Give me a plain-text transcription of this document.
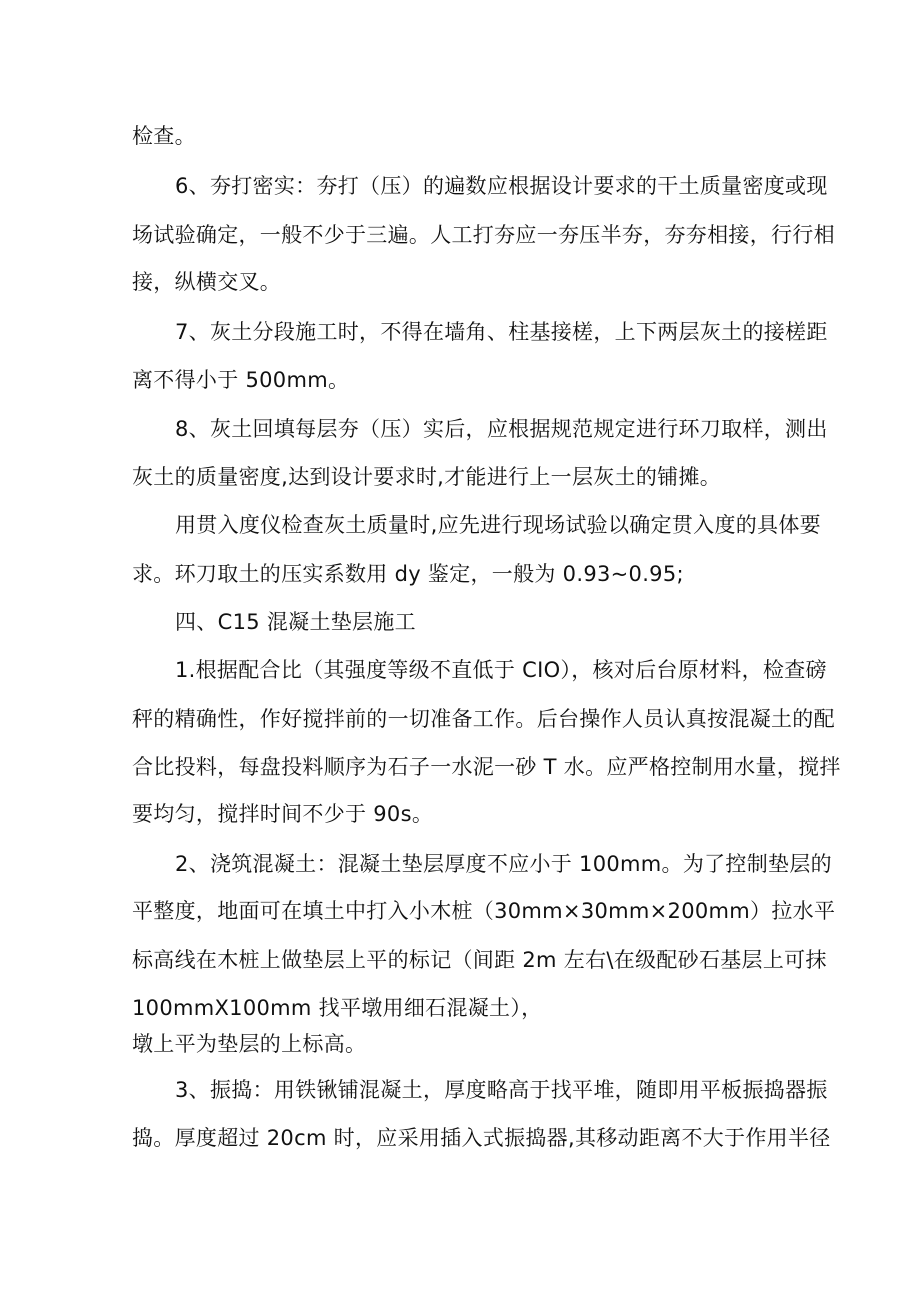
检查。
6、夯打密实：夯打（压）的遍数应根据设计要求的干土质量密度或现
场试验确定，一般不少于三遍。人工打夯应一夯压半夯，夯夯相接，行行相
接，纵横交叉。
7、灰土分段施工时，不得在墙角、柱基接槎，上下两层灰土的接槎距
离不得小于 500mm。
8、灰土回填每层夯（压）实后，应根据规范规定进行环刀取样，测出
灰土的质量密度,达到设计要求时,才能进行上一层灰土的铺摊。
用贯入度仪检查灰土质量时,应先进行现场试验以确定贯入度的具体要
求。环刀取土的压实系数用 dy 鉴定，一般为 0.93~0.95;
四、C15 混凝土垫层施工
1.根据配合比（其强度等级不直低于 CIO），核对后台原材料，检查磅
秤的精确性，作好搅拌前的一切准备工作。后台操作人员认真按混凝土的配
合比投料，每盘投料顺序为石子一水泥一砂 T 水。应严格控制用水量，搅拌
要均匀，搅拌时间不少于 90s。
2、浇筑混凝土：混凝土垫层厚度不应小于 100mm。为了控制垫层的
平整度，地面可在填土中打入小木桩（30mm×30mm×200mm）拉水平
标高线在木桩上做垫层上平的标记（间距 2m 左右\在级配砂石基层上可抹
100mmX100mm 找平墩用细石混凝土），
墩上平为垫层的上标高。
3、振捣：用铁锹铺混凝土，厚度略高于找平堆，随即用平板振捣器振
捣。厚度超过 20cm 时，应采用插入式振捣器,其移动距离不大于作用半径
